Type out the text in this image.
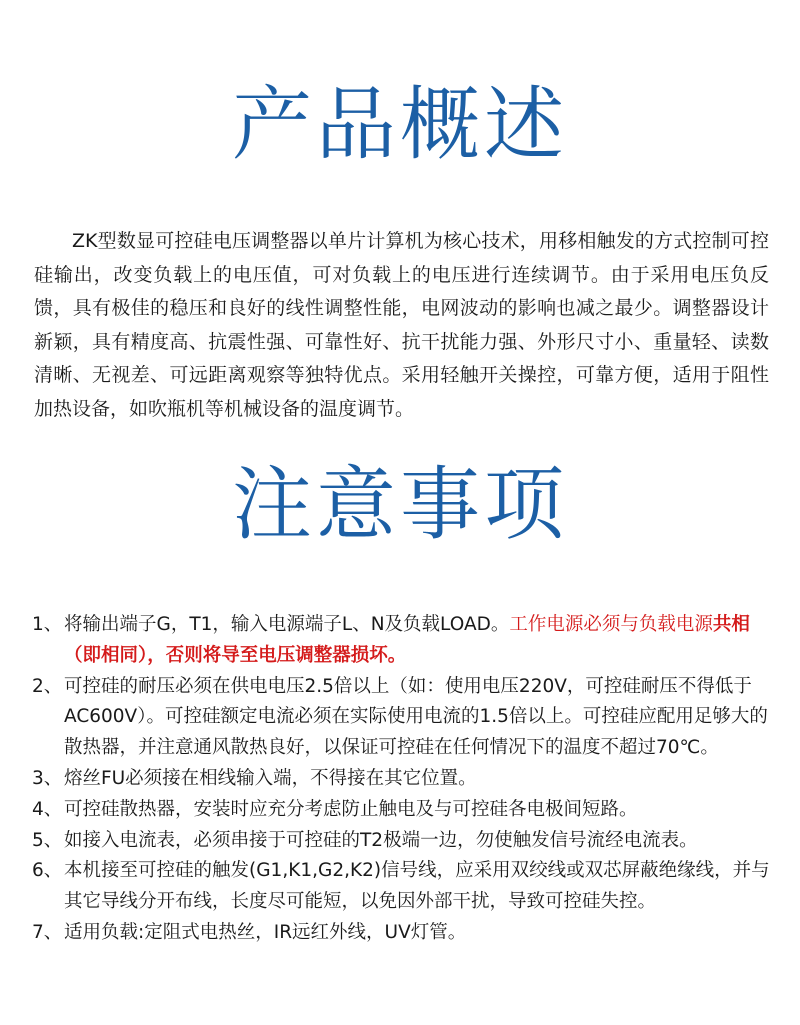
产品概述

ZK型数显可控硅电压调整器以单片计算机为核心技术，用移相触发的方式控制可控硅输出，改变负载上的电压值，可对负载上的电压进行连续调节。由于采用电压负反馈，具有极佳的稳压和良好的线性调整性能，电网波动的影响也减之最少。调整器设计新颖，具有精度高、抗震性强、可靠性好、抗干扰能力强、外形尺寸小、重量轻、读数清晰、无视差、可远距离观察等独特优点。采用轻触开关操控，可靠方便，适用于阻性加热设备，如吹瓶机等机械设备的温度调节。

注意事项
1、 将输出端子G，T1，输入电源端子L、N及负载LOAD。工作电源必须与负载电源共相（即相同），否则将导至电压调整器损坏。
2、 可控硅的耐压必须在供电电压2.5倍以上（如：使用电压220V，可控硅耐压不得低于AC600V）。可控硅额定电流必须在实际使用电流的1.5倍以上。可控硅应配用足够大的散热器，并注意通风散热良好，以保证可控硅在任何情况下的温度不超过70℃。
3、 熔丝FU必须接在相线输入端，不得接在其它位置。
4、 可控硅散热器，安装时应充分考虑防止触电及与可控硅各电极间短路。
5、 如接入电流表，必须串接于可控硅的T2极端一边，勿使触发信号流经电流表。
6、 本机接至可控硅的触发(G1,K1,G2,K2)信号线，应采用双绞线或双芯屏蔽绝缘线，并与其它导线分开布线，长度尽可能短，以免因外部干扰，导致可控硅失控。
7、 适用负载:定阻式电热丝，IR远红外线，UV灯管。
